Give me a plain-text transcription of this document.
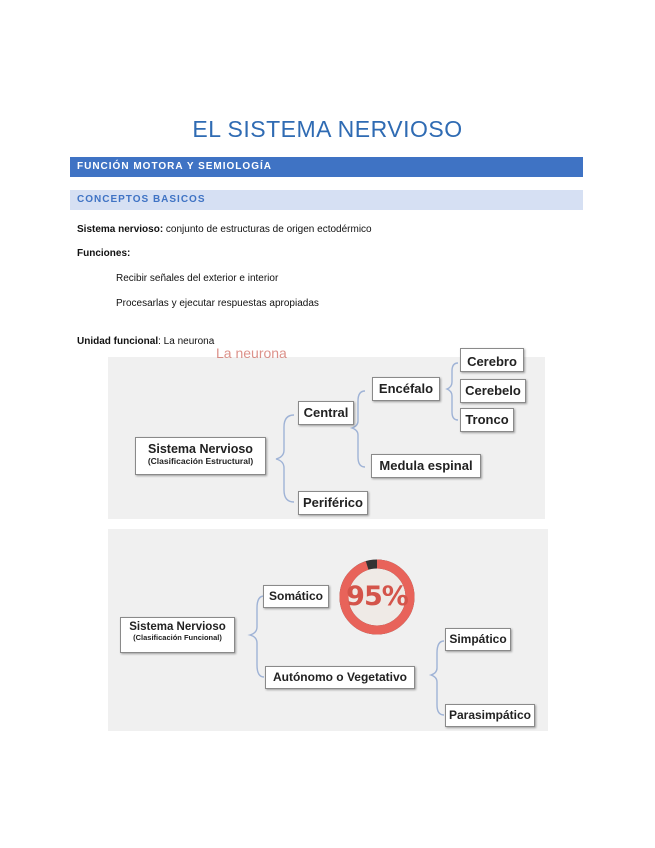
EL SISTEMA NERVIOSO
FUNCIÓN MOTORA Y SEMIOLOGÍA
CONCEPTOS BASICOS
Sistema nervioso: conjunto de estructuras de origen ectodérmico
Funciones:
Recibir señales del exterior e interior
Procesarlas y ejecutar respuestas apropiadas
Unidad funcional: La neurona
La neurona
Sistema Nervioso
(Clasificación Estructural)
Central
Periférico
Encéfalo
Medula espinal
Cerebro
Cerebelo
Tronco
Sistema Nervioso
(Clasificación Funcional)
Somático
Autónomo o Vegetativo
Simpático
Parasimpático
95%
